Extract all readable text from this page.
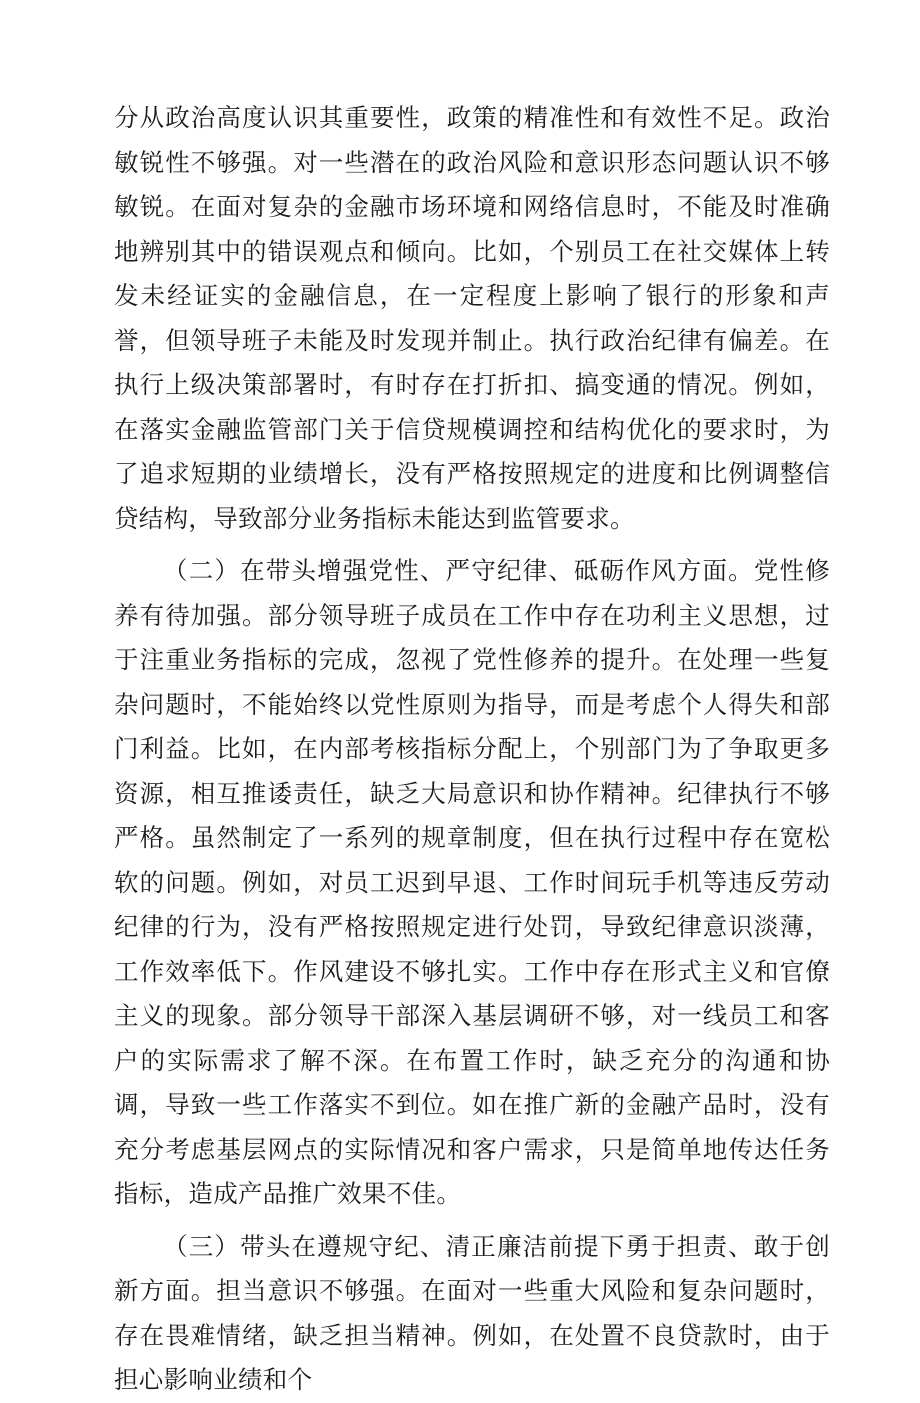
分从政治高度认识其重要性，政策的精准性和有效性不足。政治敏锐性不够强。对一些潜在的政治风险和意识形态问题认识不够敏锐。在面对复杂的金融市场环境和网络信息时，不能及时准确地辨别其中的错误观点和倾向。比如，个别员工在社交媒体上转发未经证实的金融信息，在一定程度上影响了银行的形象和声誉，但领导班子未能及时发现并制止。执行政治纪律有偏差。在执行上级决策部署时，有时存在打折扣、搞变通的情况。例如，在落实金融监管部门关于信贷规模调控和结构优化的要求时，为了追求短期的业绩增长，没有严格按照规定的进度和比例调整信贷结构，导致部分业务指标未能达到监管要求。

（二）在带头增强党性、严守纪律、砥砺作风方面。党性修养有待加强。部分领导班子成员在工作中存在功利主义思想，过于注重业务指标的完成，忽视了党性修养的提升。在处理一些复杂问题时，不能始终以党性原则为指导，而是考虑个人得失和部门利益。比如，在内部考核指标分配上，个别部门为了争取更多资源，相互推诿责任，缺乏大局意识和协作精神。纪律执行不够严格。虽然制定了一系列的规章制度，但在执行过程中存在宽松软的问题。例如，对员工迟到早退、工作时间玩手机等违反劳动纪律的行为，没有严格按照规定进行处罚，导致纪律意识淡薄，工作效率低下。作风建设不够扎实。工作中存在形式主义和官僚主义的现象。部分领导干部深入基层调研不够，对一线员工和客户的实际需求了解不深。在布置工作时，缺乏充分的沟通和协调，导致一些工作落实不到位。如在推广新的金融产品时，没有充分考虑基层网点的实际情况和客户需求，只是简单地传达任务指标，造成产品推广效果不佳。

（三）带头在遵规守纪、清正廉洁前提下勇于担责、敢于创新方面。担当意识不够强。在面对一些重大风险和复杂问题时，存在畏难情绪，缺乏担当精神。例如，在处置不良贷款时，由于担心影响业绩和个
